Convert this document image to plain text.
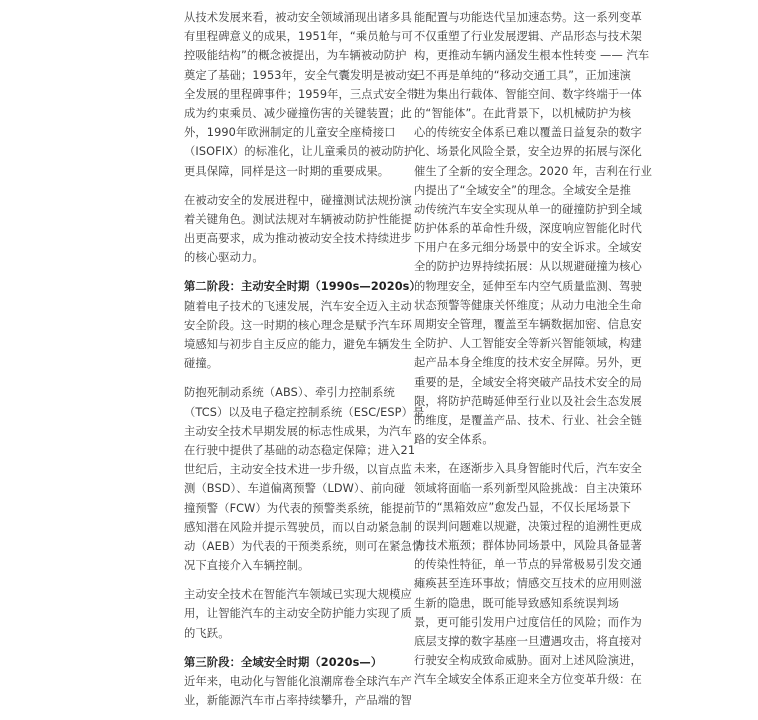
从技术发展来看，被动安全领域涌现出诸多具
有里程碑意义的成果，1951年，“乘员舱与可
控吸能结构”的概念被提出，为车辆被动防护
奠定了基础；1953年，安全气囊发明是被动安
全发展的里程碑事件；1959年，三点式安全带
成为约束乘员、减少碰撞伤害的关键装置；此
外，1990年欧洲制定的儿童安全座椅接口
（ISOFIX）的标准化，让儿童乘员的被动防护
更具保障，同样是这一时期的重要成果。
在被动安全的发展进程中，碰撞测试法规扮演
着关键角色。测试法规对车辆被动防护性能提
出更高要求，成为推动被动安全技术持续进步
的核心驱动力。
第二阶段：主动安全时期（1990s—2020s）
随着电子技术的飞速发展，汽车安全迈入主动
安全阶段。这一时期的核心理念是赋予汽车环
境感知与初步自主反应的能力，避免车辆发生
碰撞。
防抱死制动系统（ABS）、牵引力控制系统
（TCS）以及电子稳定控制系统（ESC/ESP）是
主动安全技术早期发展的标志性成果，为汽车
在行驶中提供了基础的动态稳定保障；进入21
世纪后，主动安全技术进一步升级，以盲点监
测（BSD）、车道偏离预警（LDW）、前向碰
撞预警（FCW）为代表的预警类系统，能提前
感知潜在风险并提示驾驶员，而以自动紧急制
动（AEB）为代表的干预类系统，则可在紧急情
况下直接介入车辆控制。
主动安全技术在智能汽车领域已实现大规模应
用，让智能汽车的主动安全防护能力实现了质
的飞跃。
第三阶段：全域安全时期（2020s—）
近年来，电动化与智能化浪潮席卷全球汽车产
业，新能源汽车市占率持续攀升，产品端的智
能配置与功能迭代呈加速态势。这一系列变革
不仅重塑了行业发展逻辑、产品形态与技术架
构，更推动车辆内涵发生根本性转变 —— 汽车
已不再是单纯的“移动交通工具”，正加速演
进为集出行载体、智能空间、数字终端于一体
的“智能体”。在此背景下，以机械防护为核
心的传统安全体系已难以覆盖日益复杂的数字
化、场景化风险全景，安全边界的拓展与深化
催生了全新的安全理念。2020 年，吉利在行业
内提出了“全域安全”的理念。全域安全是推
动传统汽车安全实现从单一的碰撞防护到全域
防护体系的革命性升级，深度响应智能化时代
下用户在多元细分场景中的安全诉求。全域安
全的防护边界持续拓展：从以规避碰撞为核心
的物理安全，延伸至车内空气质量监测、驾驶
状态预警等健康关怀维度；从动力电池全生命
周期安全管理，覆盖至车辆数据加密、信息安
全防护、人工智能安全等新兴智能领域，构建
起产品本身全维度的技术安全屏障。另外，更
重要的是，全域安全将突破产品技术安全的局
限，将防护范畴延伸至行业以及社会生态发展
的维度，是覆盖产品、技术、行业、社会全链
路的安全体系。
未来，在逐渐步入具身智能时代后，汽车安全
领域将面临一系列新型风险挑战：自主决策环
节的“黑箱效应”愈发凸显，不仅长尾场景下
的误判问题难以规避，决策过程的追溯性更成
为技术瓶颈；群体协同场景中，风险具备显著
的传染性特征，单一节点的异常极易引发交通
瘫痪甚至连环事故；情感交互技术的应用则滋
生新的隐患，既可能导致感知系统误判场
景，更可能引发用户过度信任的风险；而作为
底层支撑的数字基座一旦遭遇攻击，将直接对
行驶安全构成致命威胁。面对上述风险演进，
汽车全域安全体系正迎来全方位变革升级：在
